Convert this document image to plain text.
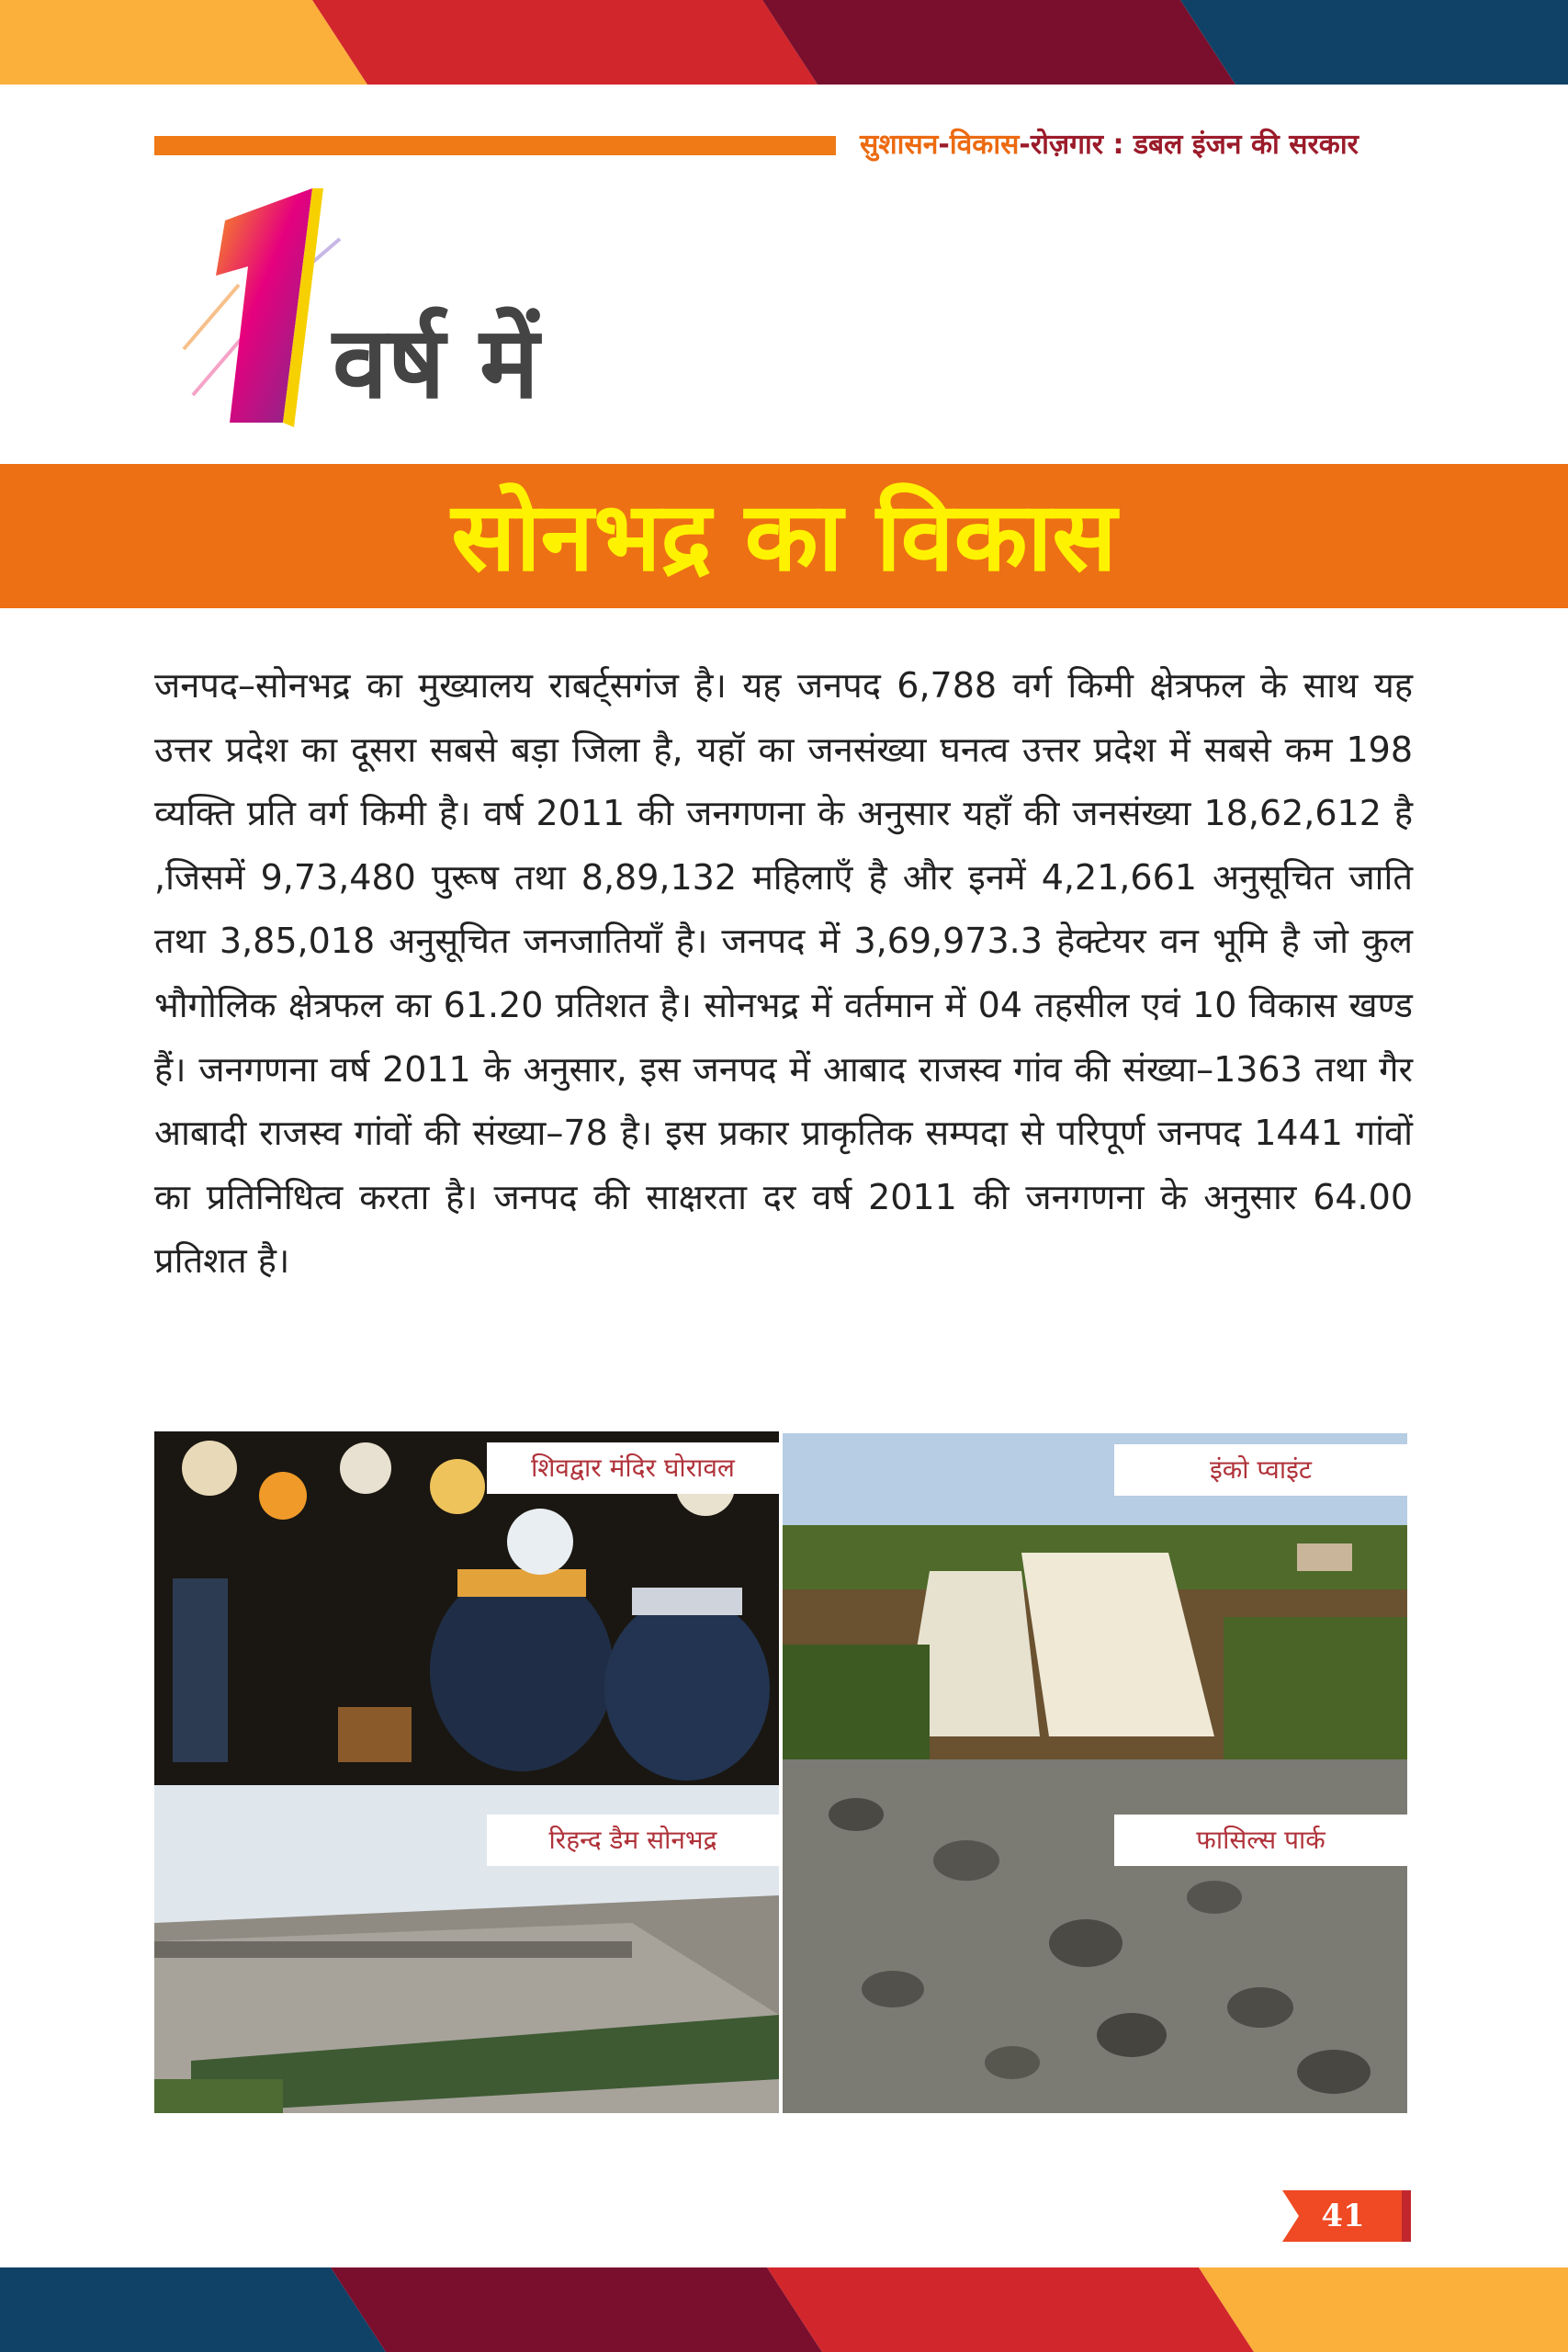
सुशासन-विकास-रोज़गार : डबल इंजन की सरकार
1
वर्ष में
सोनभद्र का विकास
जनपद–सोनभद्र का मुख्यालय राबर्ट्सगंज है। यह जनपद 6,788 वर्ग किमी क्षेत्रफल के साथ यह उत्तर प्रदेश का दूसरा सबसे बड़ा जिला है, यहॉ का जनसंख्या घनत्व उत्तर प्रदेश में सबसे कम 198 व्यक्ति प्रति वर्ग किमी है। वर्ष 2011 की जनगणना के अनुसार यहाँ की जनसंख्या 18,62,612 है ,जिसमें 9,73,480 पुरूष तथा 8,89,132 महिलाएँ है और इनमें 4,21,661 अनुसूचित जाति तथा 3,85,018 अनुसूचित जनजातियाँ है। जनपद में 3,69,973.3 हेक्टेयर वन भूमि है जो कुल भौगोलिक क्षेत्रफल का 61.20 प्रतिशत है। सोनभद्र में वर्तमान में 04 तहसील एवं 10 विकास खण्ड हैं। जनगणना वर्ष 2011 के अनुसार, इस जनपद में आबाद राजस्व गांव की संख्या–1363 तथा गैर आबादी राजस्व गांवों की संख्या–78 है। इस प्रकार प्राकृतिक सम्पदा से परिपूर्ण जनपद 1441 गांवों का प्रतिनिधित्व करता है। जनपद की साक्षरता दर वर्ष 2011 की जनगणना के अनुसार 64.00 प्रतिशत है।
शिवद्वार मंदिर घोरावल	इंको प्वाइंट
रिहन्द डैम सोनभद्र	फासिल्स पार्क
41
